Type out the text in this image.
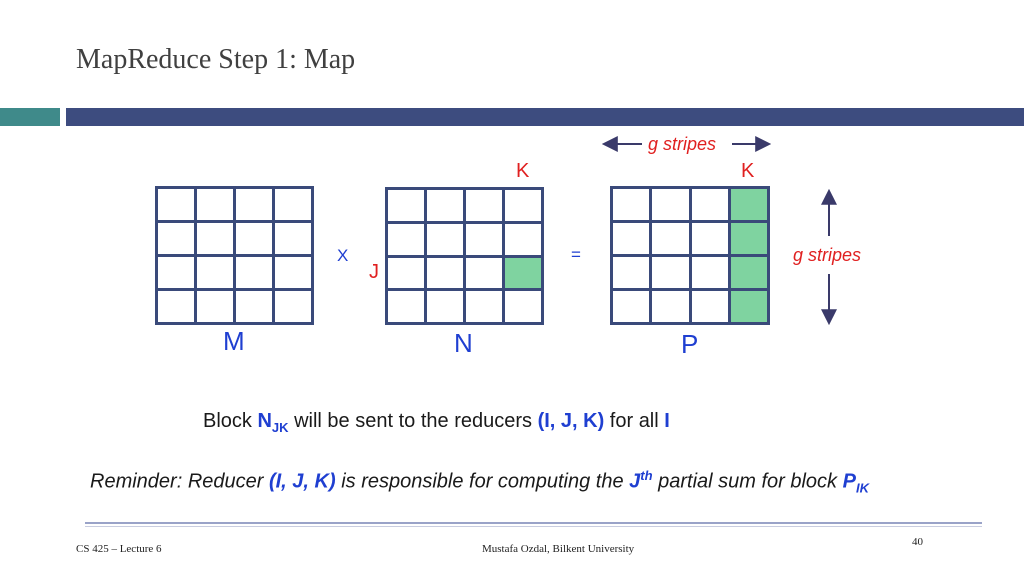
MapReduce Step 1: Map
M
X
J
K
N
=
g stripes
K
P
g stripes
Block $N_{JK}$ will be sent to the reducers (I, J, K) for all I
Reminder: Reducer (I, J, K) is responsible for computing the $J^{th}$ partial sum for block $P_{IK}$
CS 425 – Lecture 6	Mustafa Ozdal, Bilkent University
40
